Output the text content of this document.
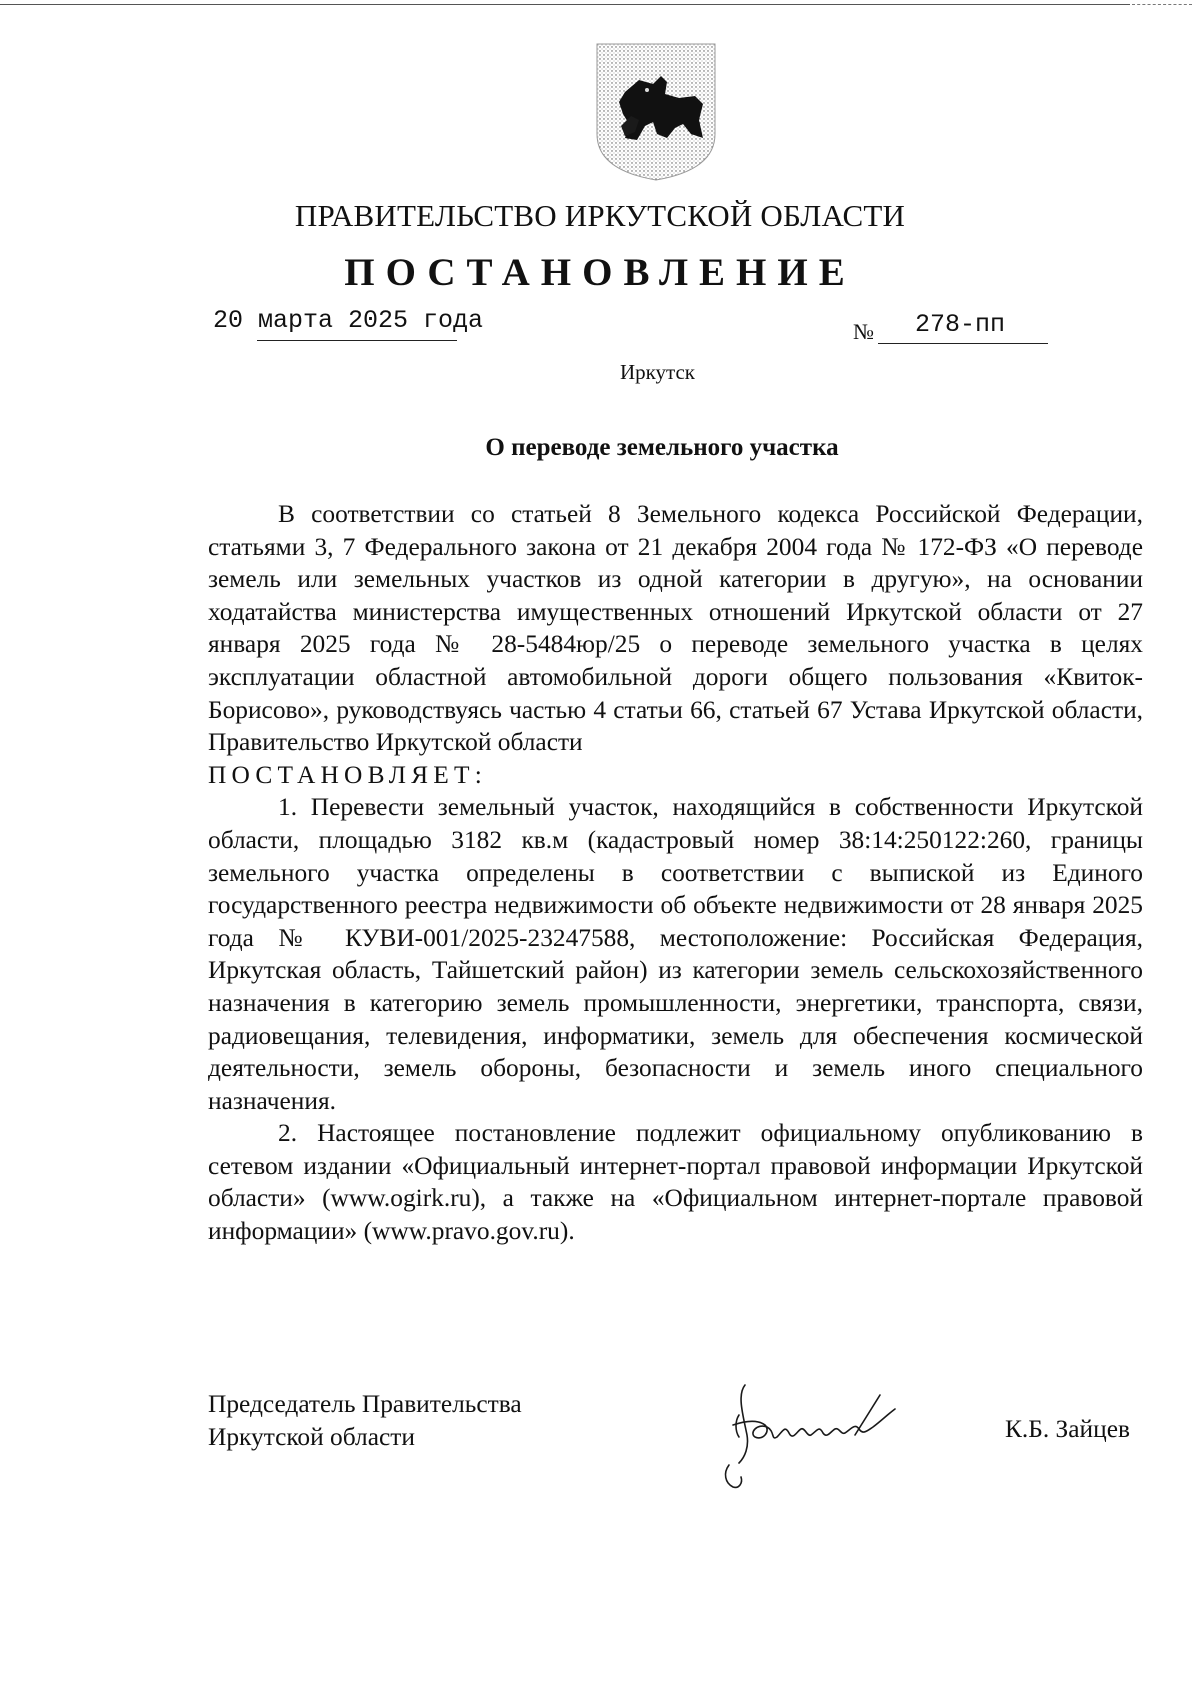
ПРАВИТЕЛЬСТВО ИРКУТСКОЙ ОБЛАСТИ
ПОСТАНОВЛЕНИЕ
20 марта 2025 года	№ 278-пп
Иркутск
О переводе земельного участка

В соответствии со статьей 8 Земельного кодекса Российской Федерации, статьями 3, 7 Федерального закона от 21 декабря 2004 года № 172-ФЗ «О переводе земель или земельных участков из одной категории в другую», на основании ходатайства министерства имущественных отношений Иркутской области от 27 января 2025 года № 28-5484юр/25 о переводе земельного участка в целях эксплуатации областной автомобильной дороги общего пользования «Квиток-Борисово», руководствуясь частью 4 статьи 66, статьей 67 Устава Иркутской области, Правительство Иркутской области

ПОСТАНОВЛЯЕТ:

1. Перевести земельный участок, находящийся в собственности Иркутской области, площадью 3182 кв.м (кадастровый номер 38:14:250122:260, границы земельного участка определены в соответствии с выпиской из Единого государственного реестра недвижимости об объекте недвижимости от 28 января 2025 года № КУВИ-001/2025-23247588, местоположение: Российская Федерация, Иркутская область, Тайшетский район) из категории земель сельскохозяйственного назначения в категорию земель промышленности, энергетики, транспорта, связи, радиовещания, телевидения, информатики, земель для обеспечения космической деятельности, земель обороны, безопасности и земель иного специального назначения.

2. Настоящее постановление подлежит официальному опубликованию в сетевом издании «Официальный интернет-портал правовой информации Иркутской области» (www.ogirk.ru), а также на «Официальном интернет-портале правовой информации» (www.pravo.gov.ru).

Председатель Правительства
Иркутской области	К.Б. Зайцев
